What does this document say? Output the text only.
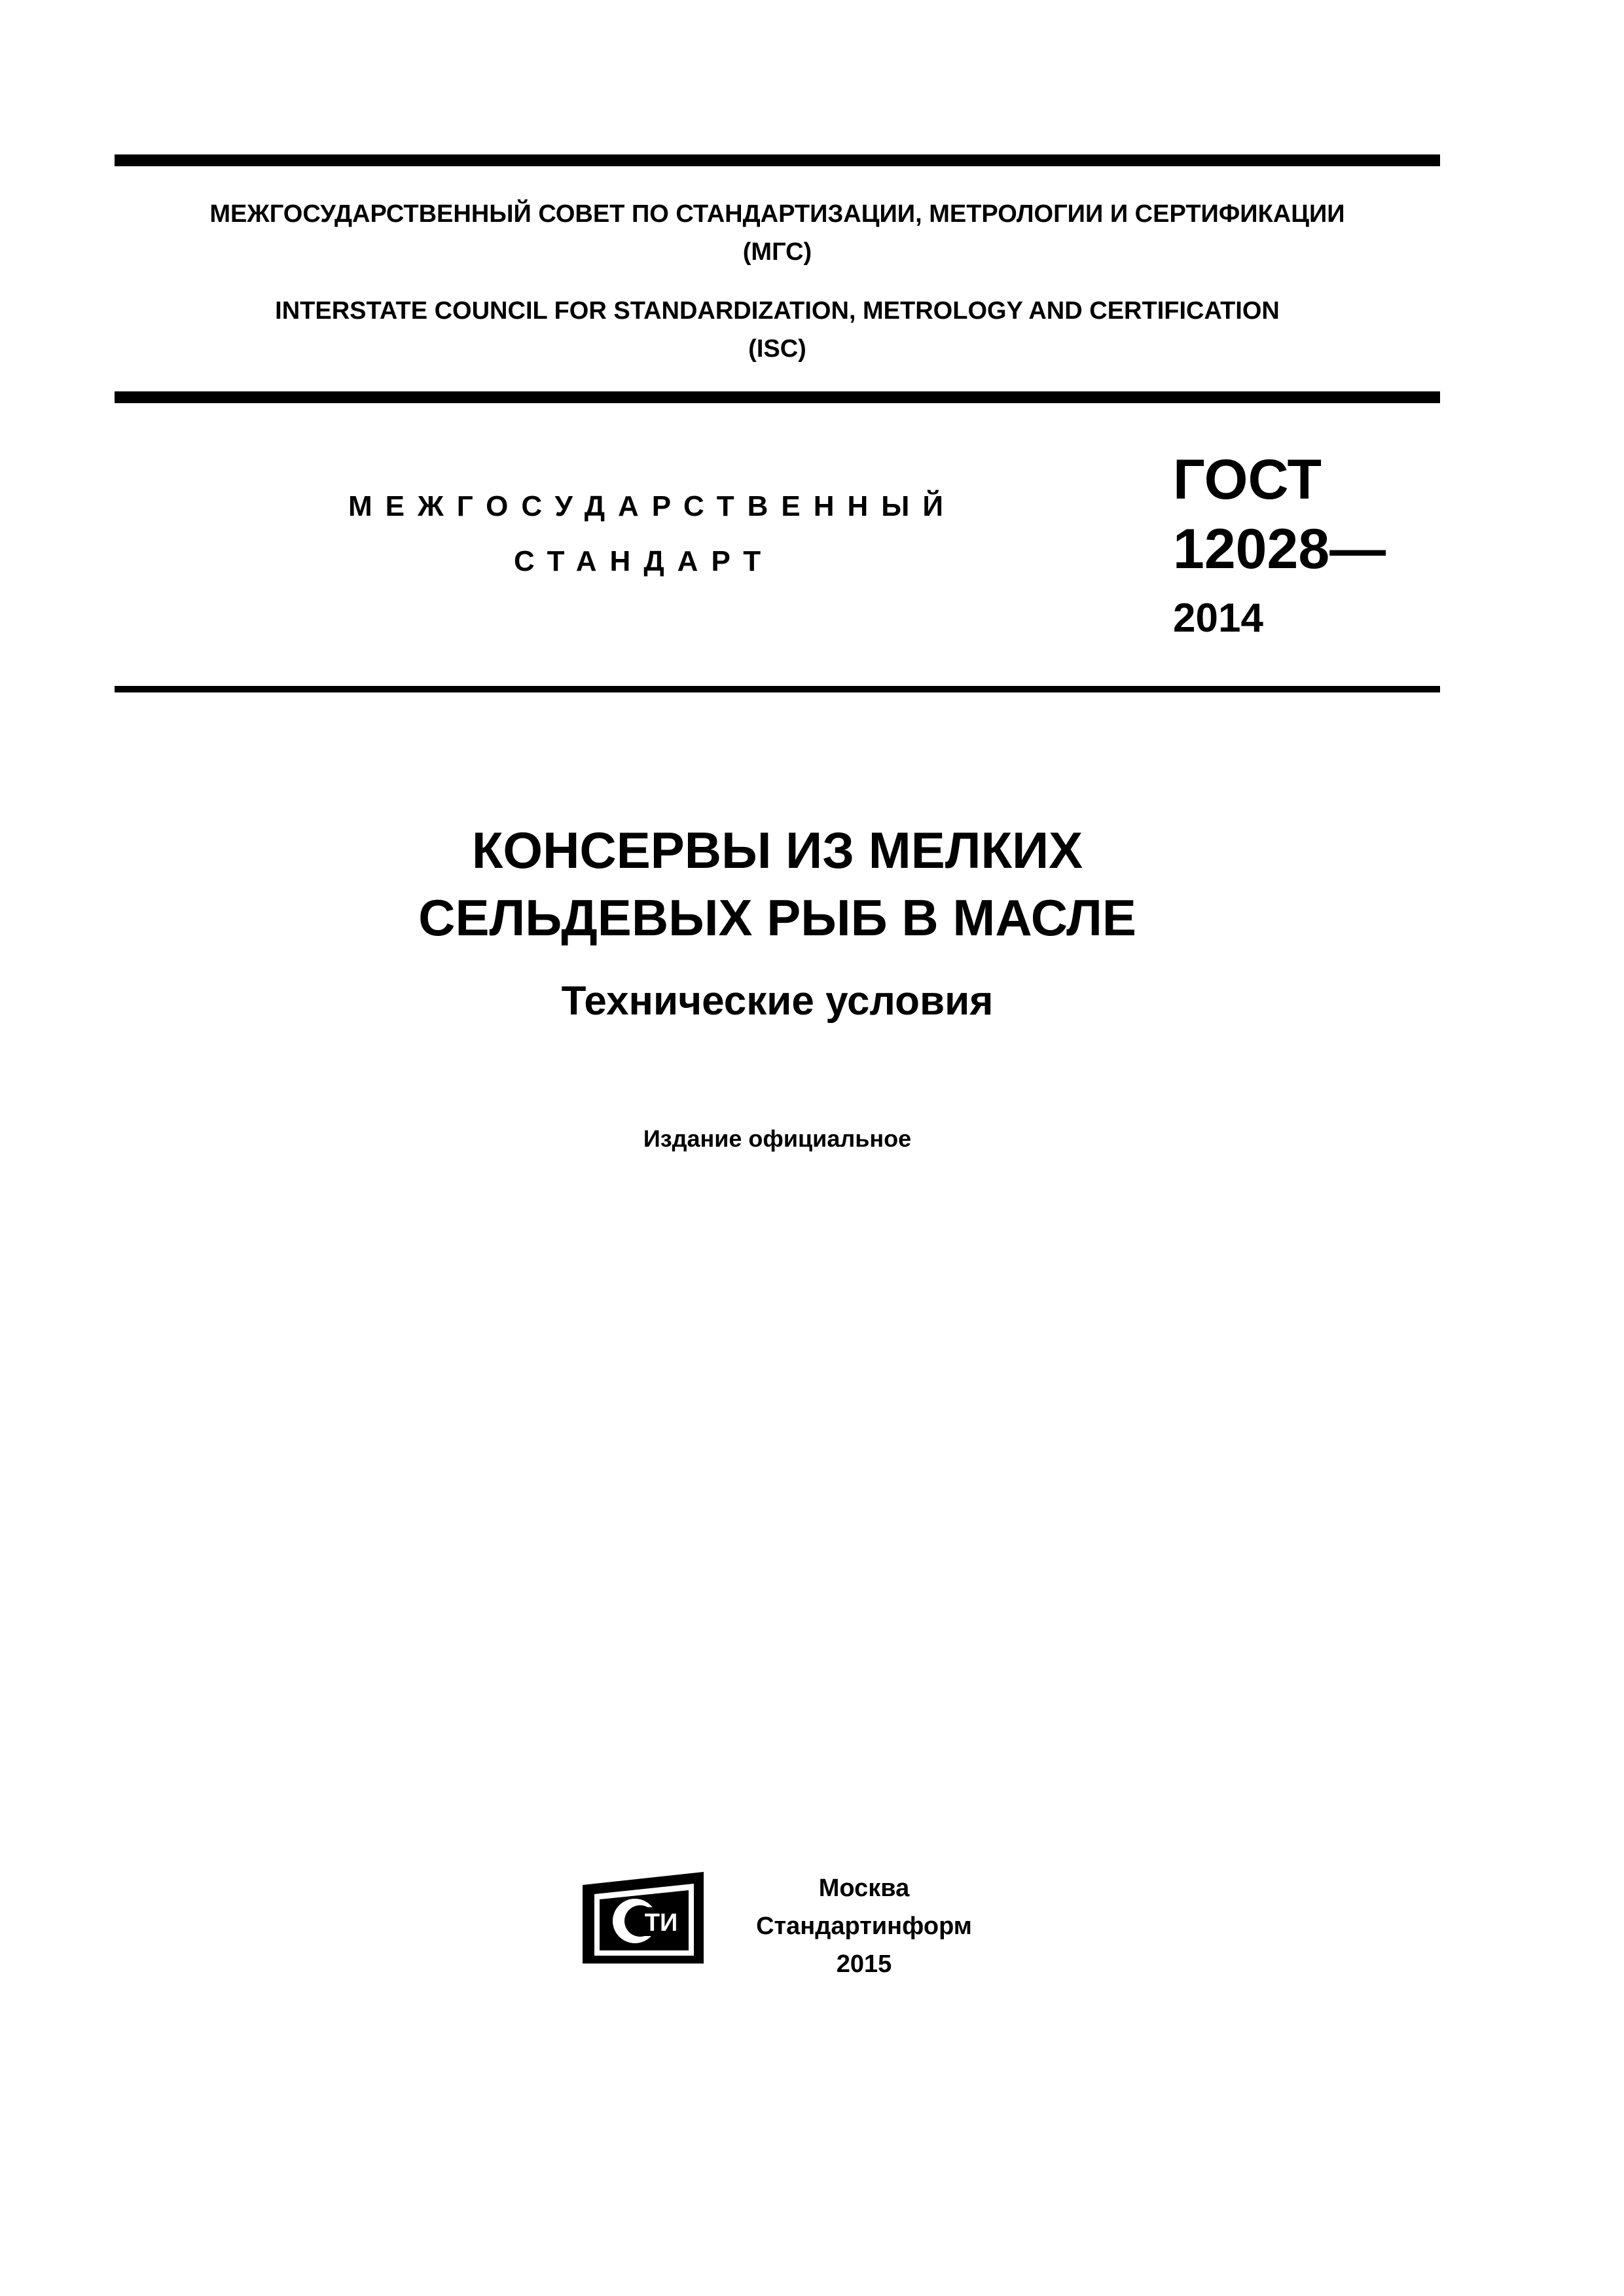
МЕЖГОСУДАРСТВЕННЫЙ СОВЕТ ПО СТАНДАРТИЗАЦИИ, МЕТРОЛОГИИ И СЕРТИФИКАЦИИ
(МГС)
INTERSTATE COUNCIL FOR STANDARDIZATION, METROLOGY AND CERTIFICATION
(ISC)
МЕЖГОСУДАРСТВЕННЫЙ
СТАНДАРТ
ГОСТ
12028—
2014
КОНСЕРВЫ ИЗ МЕЛКИХ
СЕЛЬДЕВЫХ РЫБ В МАСЛЕ
Технические условия
Издание официальное
ТИ
Москва
Стандартинформ
2015
